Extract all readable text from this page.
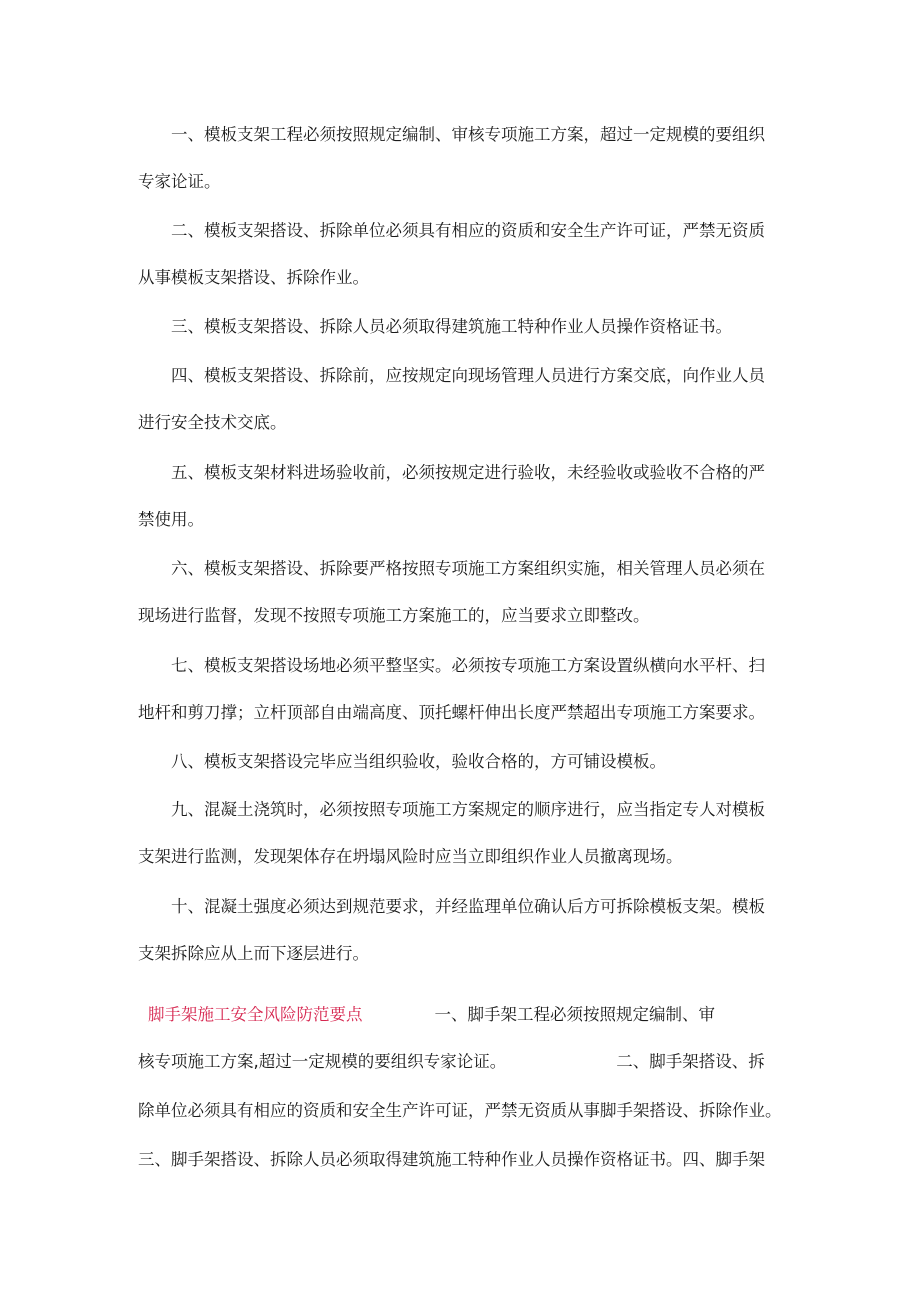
一、模板支架工程必须按照规定编制、审核专项施工方案，超过一定规模的要组织
专家论证。
二、模板支架搭设、拆除单位必须具有相应的资质和安全生产许可证，严禁无资质
从事模板支架搭设、拆除作业。
三、模板支架搭设、拆除人员必须取得建筑施工特种作业人员操作资格证书。
四、模板支架搭设、拆除前，应按规定向现场管理人员进行方案交底，向作业人员
进行安全技术交底。
五、模板支架材料进场验收前，必须按规定进行验收，未经验收或验收不合格的严
禁使用。
六、模板支架搭设、拆除要严格按照专项施工方案组织实施，相关管理人员必须在
现场进行监督，发现不按照专项施工方案施工的，应当要求立即整改。
七、模板支架搭设场地必须平整坚实。必须按专项施工方案设置纵横向水平杆、扫
地杆和剪刀撑；立杆顶部自由端高度、顶托螺杆伸出长度严禁超出专项施工方案要求。
八、模板支架搭设完毕应当组织验收，验收合格的，方可铺设模板。
九、混凝土浇筑时，必须按照专项施工方案规定的顺序进行，应当指定专人对模板
支架进行监测，发现架体存在坍塌风险时应当立即组织作业人员撤离现场。
十、混凝土强度必须达到规范要求，并经监理单位确认后方可拆除模板支架。模板
支架拆除应从上而下逐层进行。
脚手架施工安全风险防范要点	一、脚手架工程必须按照规定编制、审
核专项施工方案,超过一定规模的要组织专家论证。	二、脚手架搭设、拆
除单位必须具有相应的资质和安全生产许可证，严禁无资质从事脚手架搭设、拆除作业。
三、脚手架搭设、拆除人员必须取得建筑施工特种作业人员操作资格证书。四、脚手架
